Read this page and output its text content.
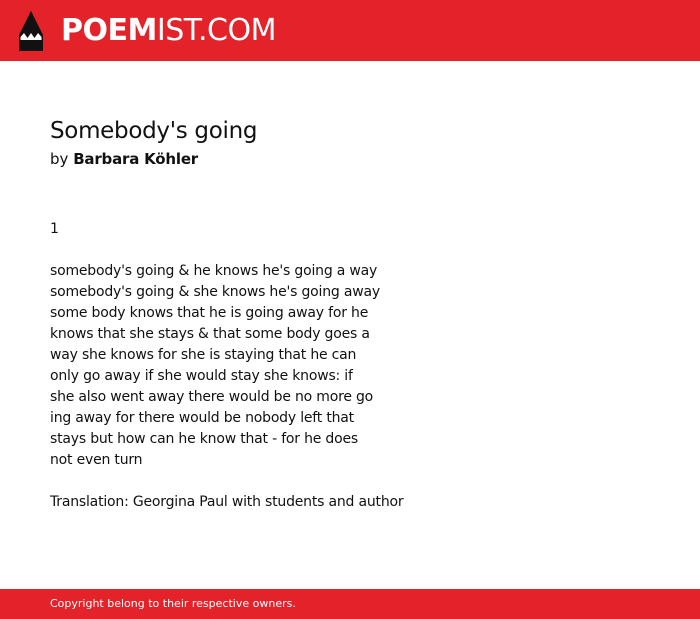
POEMIST.COM
Somebody's going
by Barbara Köhler
1
somebody's going & he knows he's going a way
somebody's going & she knows he's going away
some body knows that he is going away for he
knows that she stays & that some body goes a
way she knows for she is staying that he can
only go away if she would stay she knows: if
she also went away there would be no more go
ing away for there would be nobody left that
stays but how can he know that - for he does
not even turn
Translation: Georgina Paul with students and author
Copyright belong to their respective owners.
